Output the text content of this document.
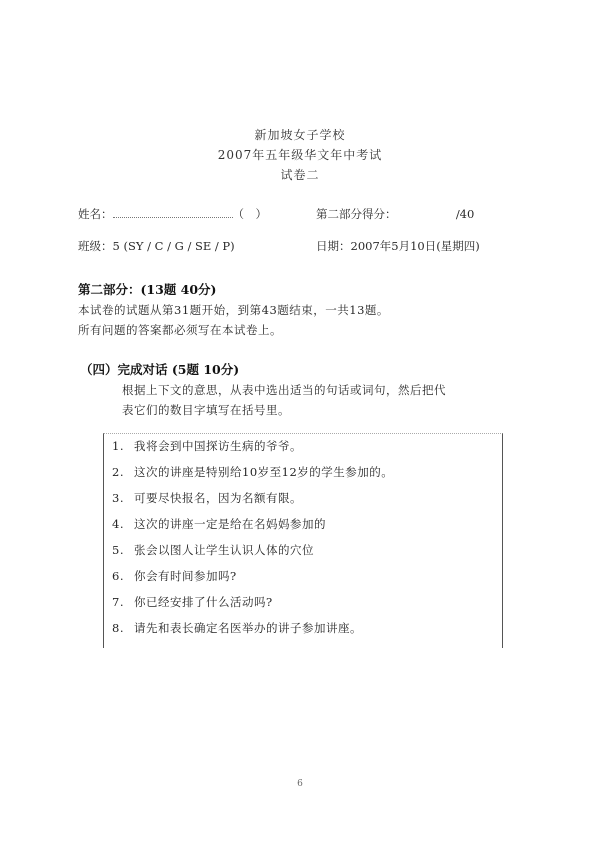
新加坡女子学校
2007年五年级华文年中考试
试卷二
姓名：	（　）	第二部分得分：	/40
班级：5 (SY / C / G / SE / P)	日期：2007年5月10日(星期四)
第二部分：(13题 40分)
本试卷的试题从第31题开始，到第43题结束，一共13题。
所有问题的答案都必须写在本试卷上。
（四）完成对话 (5题 10分)
根据上下文的意思，从表中选出适当的句话或词句，然后把代
表它们的数目字填写在括号里。
1. 我将会到中国探访生病的爷爷。
2. 这次的讲座是特别给10岁至12岁的学生参加的。
3. 可要尽快报名，因为名额有限。
4. 这次的讲座一定是给在名妈妈参加的
5. 张会以图人让学生认识人体的穴位
6. 你会有时间参加吗?
7. 你已经安排了什么活动吗?
8. 请先和表长确定名医举办的讲子参加讲座。
6
